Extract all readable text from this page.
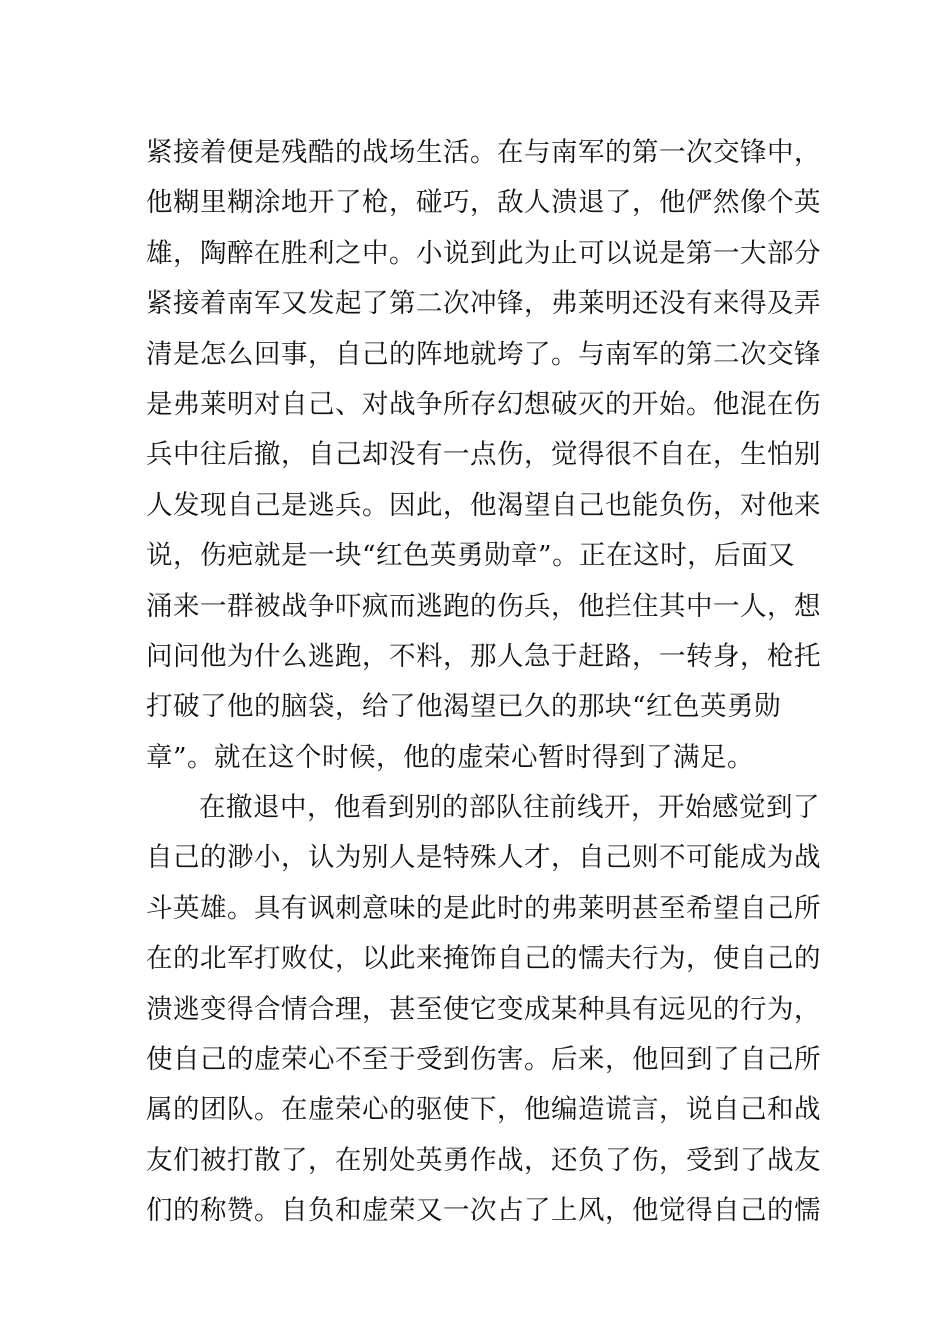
紧接着便是残酷的战场生活。在与南军的第一次交锋中，
他糊里糊涂地开了枪，碰巧，敌人溃退了，他俨然像个英
雄，陶醉在胜利之中。小说到此为止可以说是第一大部分
紧接着南军又发起了第二次冲锋，弗莱明还没有来得及弄
清是怎么回事，自己的阵地就垮了。与南军的第二次交锋
是弗莱明对自己、对战争所存幻想破灭的开始。他混在伤
兵中往后撤，自己却没有一点伤，觉得很不自在，生怕别
人发现自己是逃兵。因此，他渴望自己也能负伤，对他来
说，伤疤就是一块“红色英勇勋章”。正在这时，后面又
涌来一群被战争吓疯而逃跑的伤兵，他拦住其中一人，想
问问他为什么逃跑，不料，那人急于赶路，一转身，枪托
打破了他的脑袋，给了他渴望已久的那块“红色英勇勋
章”。就在这个时候，他的虚荣心暂时得到了满足。
在撤退中，他看到别的部队往前线开，开始感觉到了
自己的渺小，认为别人是特殊人才，自己则不可能成为战
斗英雄。具有讽刺意味的是此时的弗莱明甚至希望自己所
在的北军打败仗，以此来掩饰自己的懦夫行为，使自己的
溃逃变得合情合理，甚至使它变成某种具有远见的行为，
使自己的虚荣心不至于受到伤害。后来，他回到了自己所
属的团队。在虚荣心的驱使下，他编造谎言，说自己和战
友们被打散了，在别处英勇作战，还负了伤，受到了战友
们的称赞。自负和虚荣又一次占了上风，他觉得自己的懦
